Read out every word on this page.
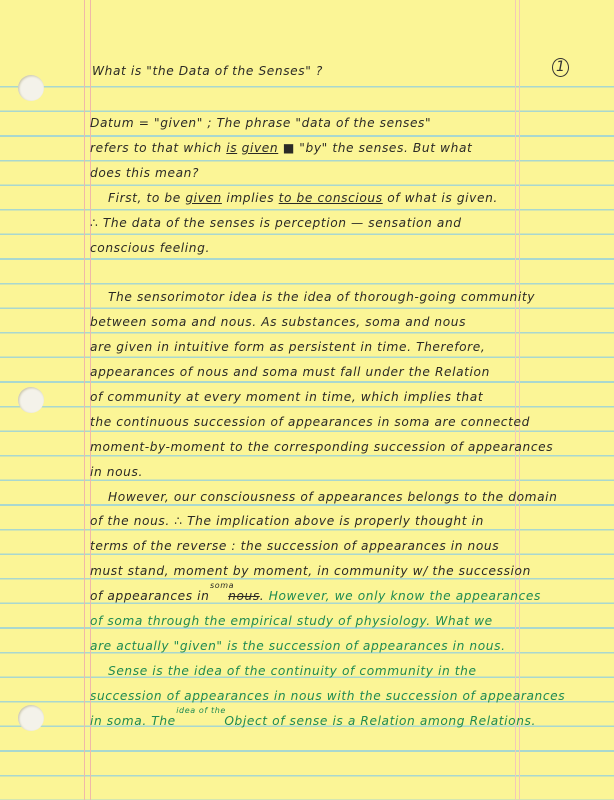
1
What is "the Data of the Senses" ?
Datum = "given" ; The phrase "data of the senses"
refers to that which is given ■ "by" the senses. But what
does this mean?
First, to be given implies to be conscious of what is given.
∴ The data of the senses is perception — sensation and
conscious feeling.
The sensorimotor idea is the idea of thorough-going community
between soma and nous. As substances, soma and nous
are given in intuitive form as persistent in time. Therefore,
appearances of nous and soma must fall under the Relation
of community at every moment in time, which implies that
the continuous succession of appearances in soma are connected
moment-by-moment to the corresponding succession of appearances
in nous.
However, our consciousness of appearances belongs to the domain
of the nous. ∴ The implication above is properly thought in
terms of the reverse : the succession of appearances in nous
must stand, moment by moment, in community w/ the succession
of appearances in $^{soma}$nous. However, we only know the appearances
of soma through the empirical study of physiology. What we
are actually "given" is the succession of appearances in nous.
Sense is the idea of the continuity of community in the
succession of appearances in nous with the succession of appearances
in soma. The $^{idea of the}$ Object of sense is a Relation among Relations.
